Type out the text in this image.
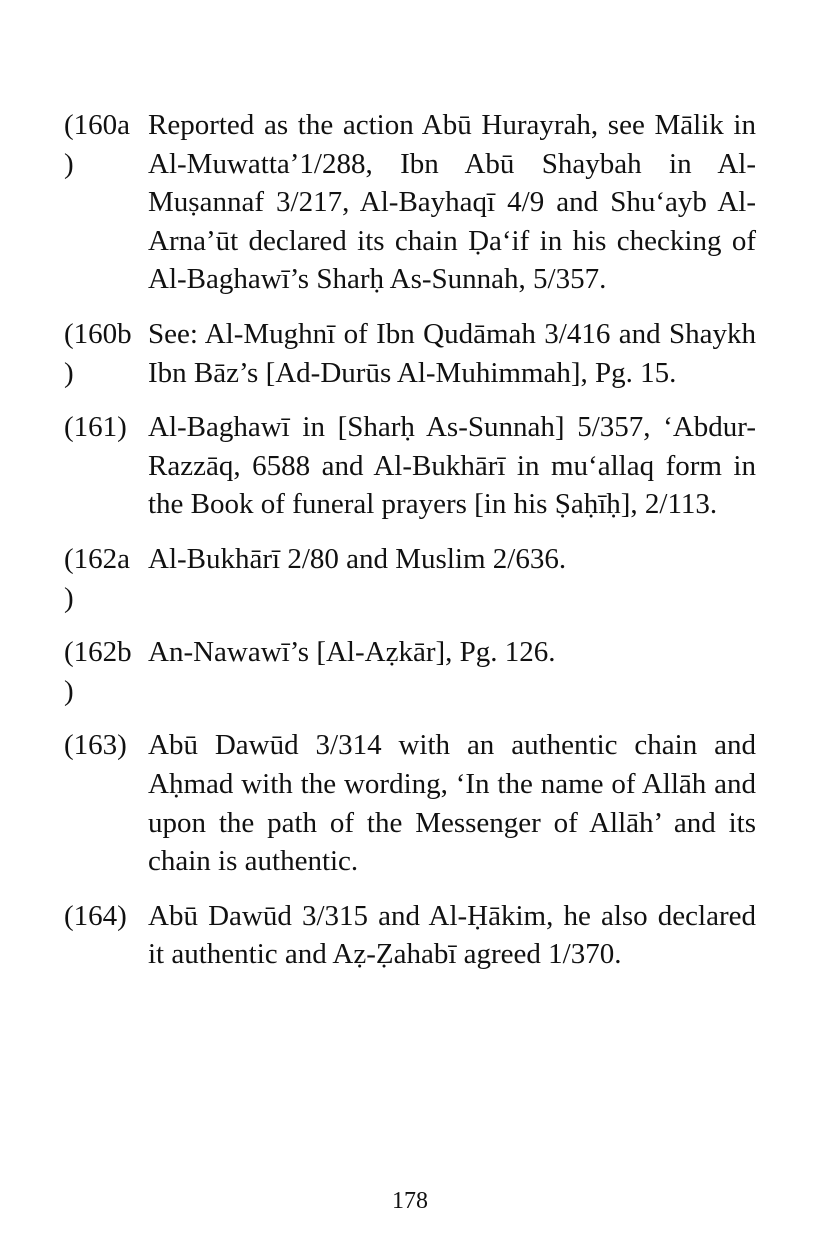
(160a
)
Reported as the action Abū Hurayrah, see Mālik in Al-Muwatta’1/288, Ibn Abū Shaybah in Al-Muṣannaf 3/217, Al-Bayhaqī 4/9 and Shu‘ayb Al-Arna’ūt declared its chain Ḍa‘if in his checking of Al-Baghawī’s Sharḥ As-Sunnah, 5/357.
(160b
)
See: Al-Mughnī of Ibn Qudāmah 3/416 and Shaykh Ibn Bāz’s [Ad-Durūs Al-Muhimmah], Pg. 15.
(161) Al-Baghawī in [Sharḥ As-Sunnah] 5/357, ‘Abdur-Razzāq, 6588 and Al-Bukhārī in mu‘allaq form in the Book of funeral prayers [in his Ṣaḥīḥ], 2/113.
(162a
)
Al-Bukhārī 2/80 and Muslim 2/636.
(162b
)
An-Nawawī’s [Al-Aẓkār], Pg. 126.
(163) Abū Dawūd 3/314 with an authentic chain and Aḥmad with the wording, ‘In the name of Allāh and upon the path of the Messenger of Allāh’ and its chain is authentic.
(164) Abū Dawūd 3/315 and Al-Ḥākim, he also declared it authentic and Aẓ-Ẓahabī agreed 1/370.
178
